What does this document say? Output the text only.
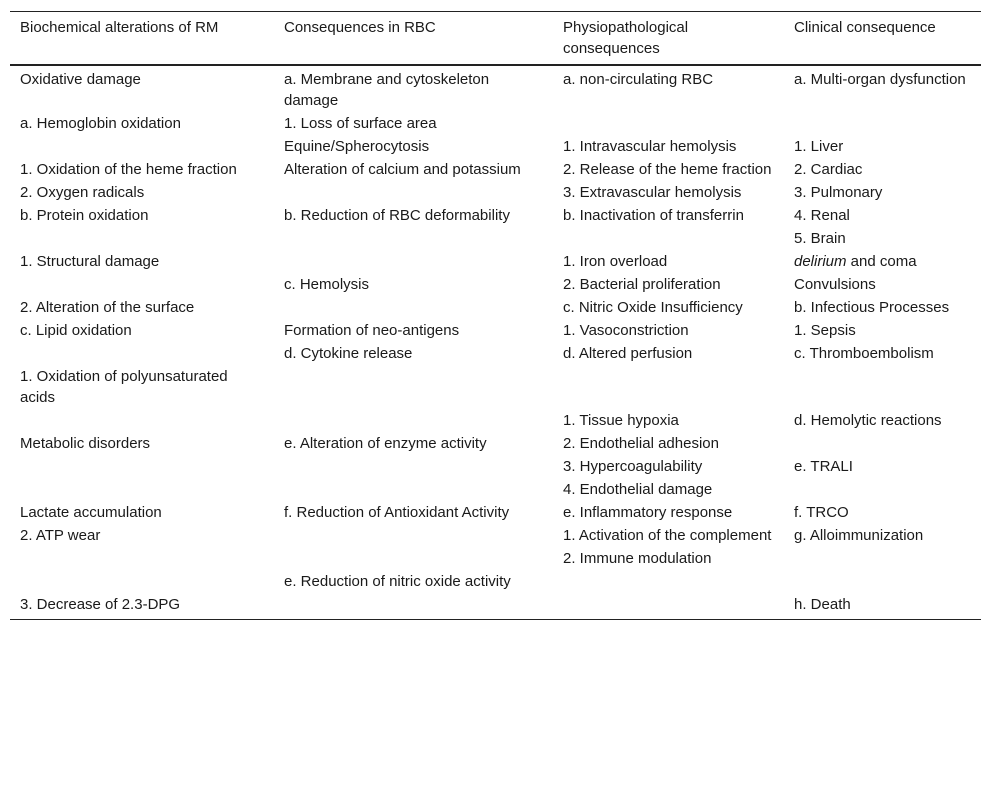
Biochemical alterations of RM	Consequences in RBC	Physiopathological consequences	Clinical consequence
Oxidative damage	a. Membrane and cytoskeleton damage	a. non-circulating RBC	a. Multi-organ dysfunction
a. Hemoglobin oxidation	1. Loss of surface area		
	Equine/Spherocytosis	1. Intravascular hemolysis	1. Liver
1. Oxidation of the heme fraction	Alteration of calcium and potassium	2. Release of the heme fraction	2. Cardiac
2. Oxygen radicals		3. Extravascular hemolysis	3. Pulmonary
b. Protein oxidation	b. Reduction of RBC deformability	b. Inactivation of transferrin	4. Renal
			5. Brain
1. Structural damage		1. Iron overload	delirium and coma
	c. Hemolysis	2. Bacterial proliferation	Convulsions
2. Alteration of the surface		c. Nitric Oxide Insufficiency	b. Infectious Processes
c. Lipid oxidation	Formation of neo-antigens	1. Vasoconstriction	1. Sepsis
	d. Cytokine release	d. Altered perfusion	c. Thromboembolism
1. Oxidation of polyunsaturated acids			
		1. Tissue hypoxia	d. Hemolytic reactions
Metabolic disorders	e. Alteration of enzyme activity	2. Endothelial adhesion	
		3. Hypercoagulability	e. TRALI
		4. Endothelial damage	
Lactate accumulation	f. Reduction of Antioxidant Activity	e. Inflammatory response	f. TRCO
2. ATP wear		1. Activation of the complement	g. Alloimmunization
		2. Immune modulation	
	e. Reduction of nitric oxide activity		
3. Decrease of 2.3-DPG			h. Death
